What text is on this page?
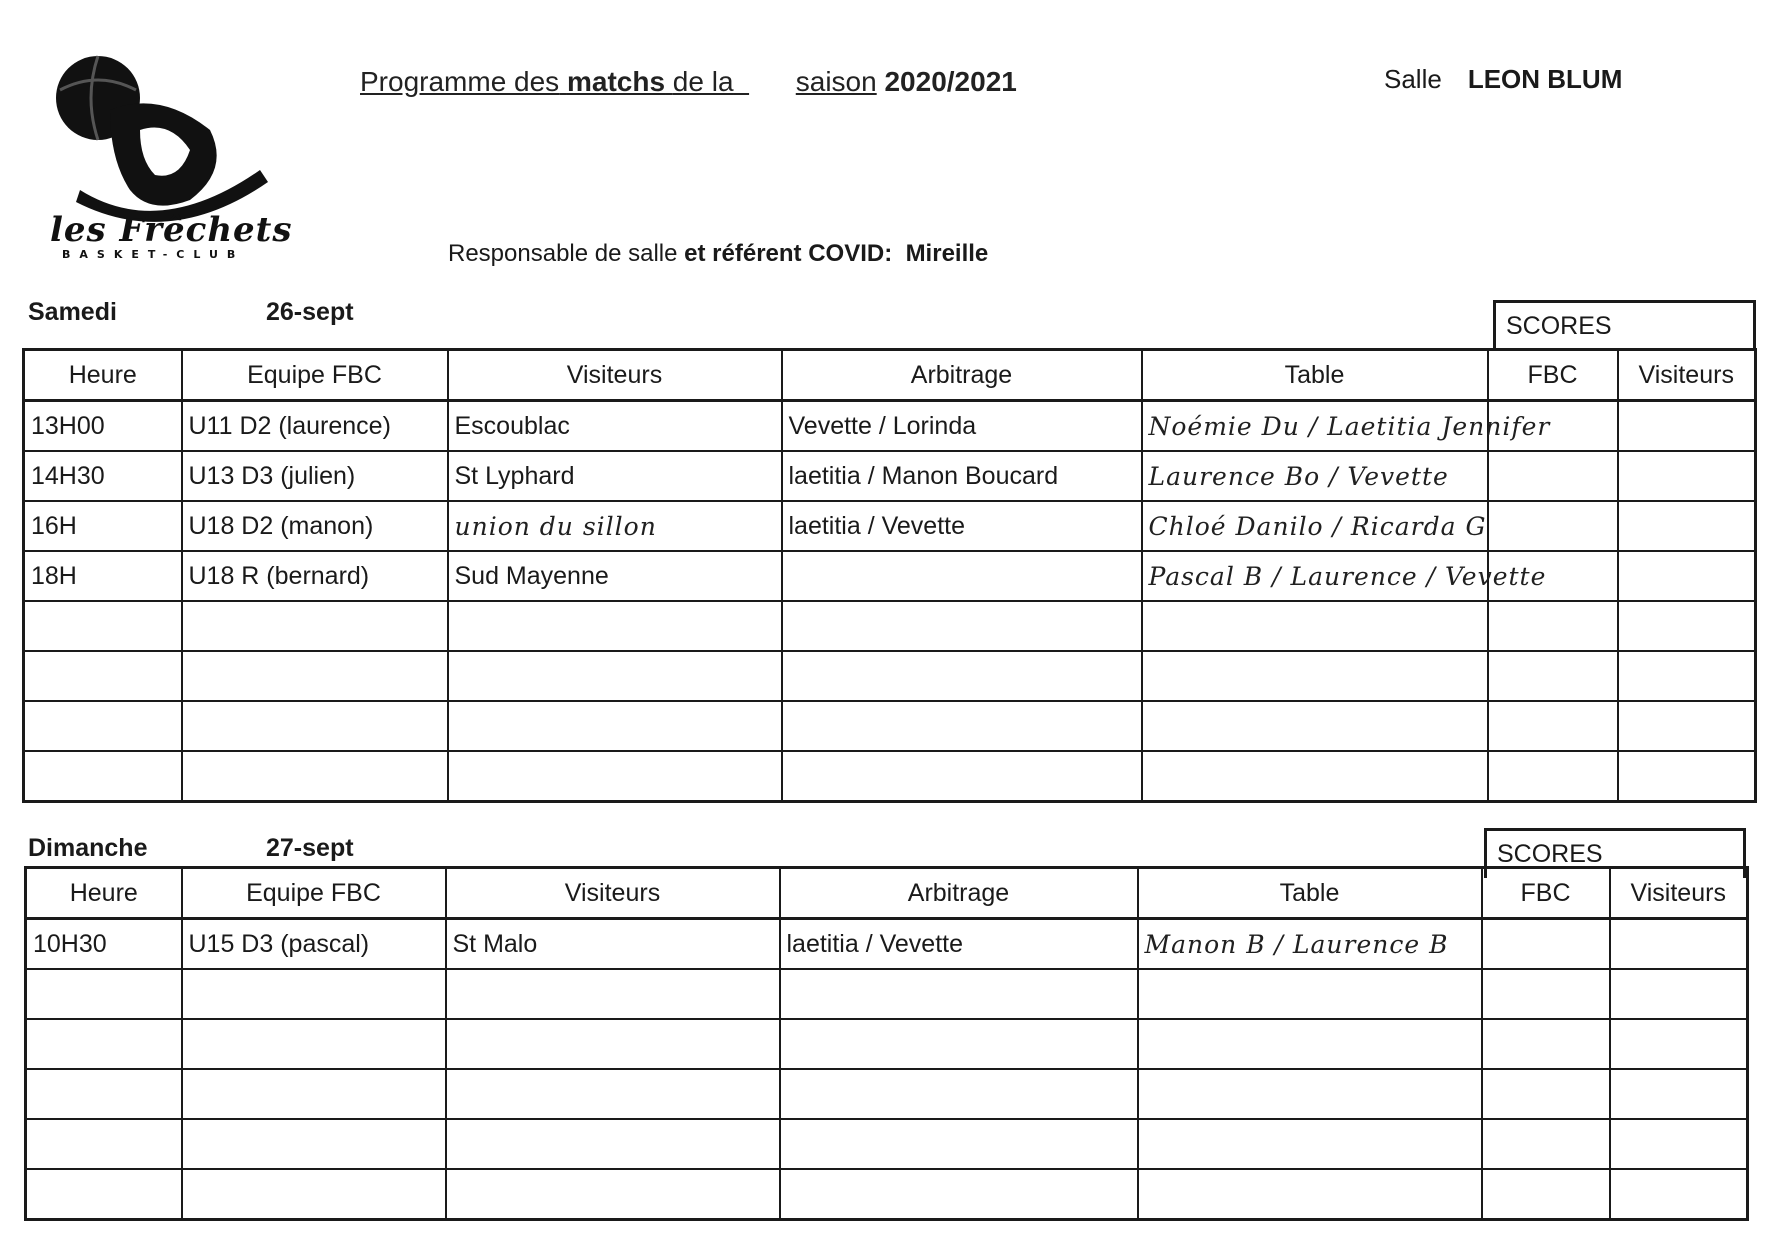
les Frêchets
BASKET-CLUB
Programme des matchs de la saison 2020/2021	Salle LEON BLUM
Responsable de salle et référent COVID: Mireille
Samedi	26-sept	SCORES
Heure	Equipe FBC	Visiteurs	Arbitrage	Table	FBC	Visiteurs
13H00	U11 D2 (laurence)	Escoublac	Vevette / Lorinda	Noémie Du / Laetitia Jennifer		
14H30	U13 D3 (julien)	St Lyphard	laetitia / Manon Boucard	Laurence Bo / Vevette		
16H	U18 D2 (manon)	union du sillon	laetitia / Vevette	Chloé Danilo / Ricarda G		
18H	U18 R (bernard)	Sud Mayenne		Pascal B / Laurence / Vevette		

Dimanche	27-sept	SCORES
Heure	Equipe FBC	Visiteurs	Arbitrage	Table	FBC	Visiteurs
10H30	U15 D3 (pascal)	St Malo	laetitia / Vevette	Manon B / Laurence B		
